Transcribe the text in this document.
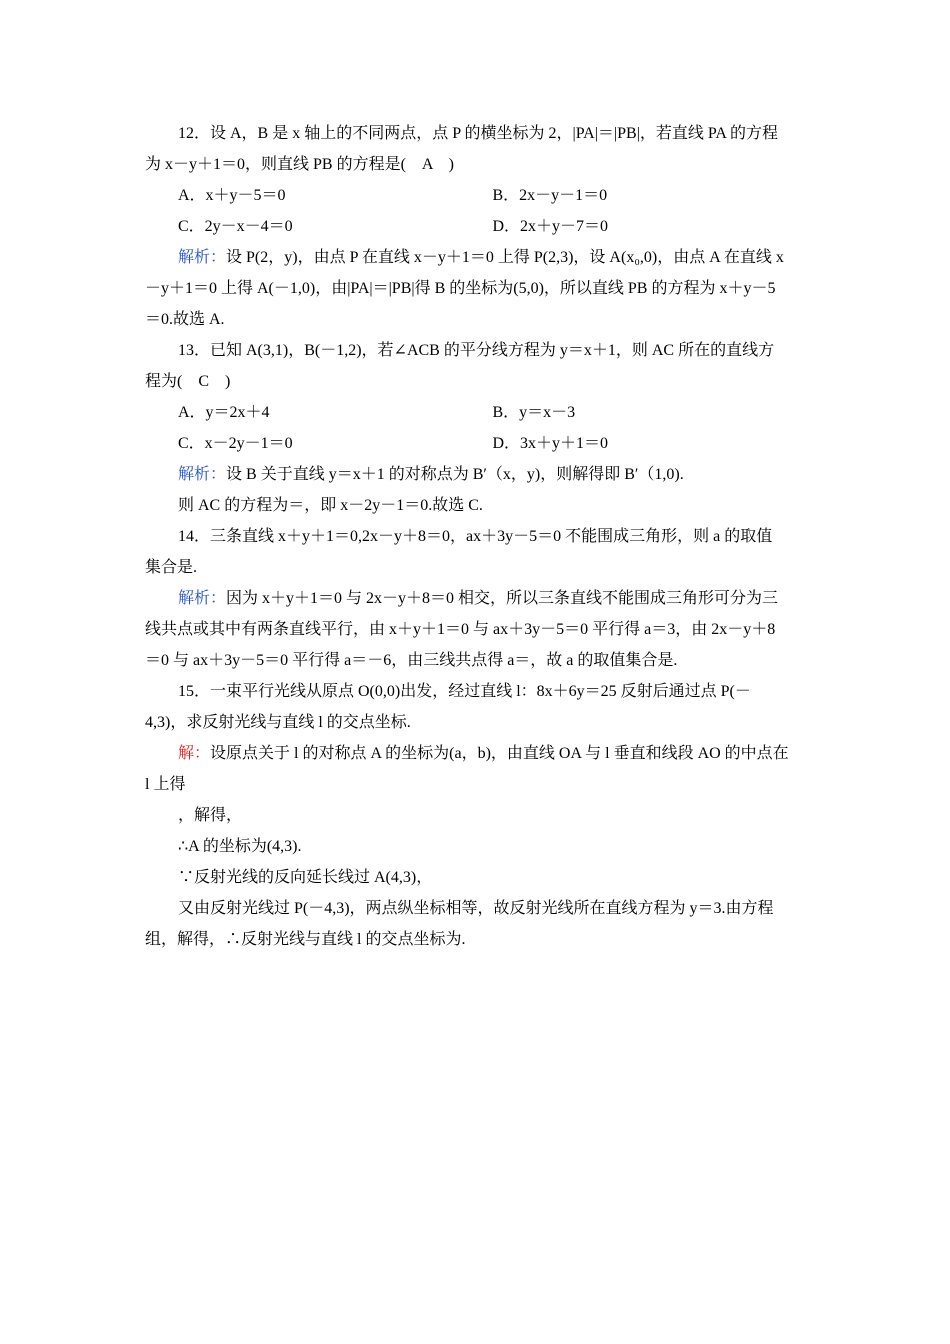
12．设 A，B 是 x 轴上的不同两点，点 P 的横坐标为 2，|PA|＝|PB|，若直线 PA 的方程
为 x－y＋1＝0，则直线 PB 的方程是(　A　)
A．x＋y－5＝0	B．2x－y－1＝0
C．2y－x－4＝0	D．2x＋y－7＝0
解析：设 P(2，y)，由点 P 在直线 x－y＋1＝0 上得 P(2,3)，设 A(x₀,0)，由点 A 在直线 x
－y＋1＝0 上得 A(－1,0)，由|PA|＝|PB|得 B 的坐标为(5,0)，所以直线 PB 的方程为 x＋y－5
＝0.故选 A.
13．已知 A(3,1)，B(－1,2)，若∠ACB 的平分线方程为 y＝x＋1，则 AC 所在的直线方
程为(　C　)
A．y＝2x＋4	B．y＝x－3
C．x－2y－1＝0	D．3x＋y＋1＝0
解析：设 B 关于直线 y＝x＋1 的对称点为 B′（x，y)，则解得即 B′（1,0).
则 AC 的方程为＝，即 x－2y－1＝0.故选 C.
14．三条直线 x＋y＋1＝0,2x－y＋8＝0，ax＋3y－5＝0 不能围成三角形，则 a 的取值
集合是.
解析：因为 x＋y＋1＝0 与 2x－y＋8＝0 相交，所以三条直线不能围成三角形可分为三
线共点或其中有两条直线平行，由 x＋y＋1＝0 与 ax＋3y－5＝0 平行得 a＝3，由 2x－y＋8
＝0 与 ax＋3y－5＝0 平行得 a＝－6，由三线共点得 a＝，故 a 的取值集合是.
15．一束平行光线从原点 O(0,0)出发，经过直线 l：8x＋6y＝25 反射后通过点 P(－
4,3)，求反射光线与直线 l 的交点坐标.
解：设原点关于 l 的对称点 A 的坐标为(a，b)，由直线 OA 与 l 垂直和线段 AO 的中点在
l 上得
，解得，
∴A 的坐标为(4,3).
∵反射光线的反向延长线过 A(4,3)，
又由反射光线过 P(－4,3)，两点纵坐标相等，故反射光线所在直线方程为 y＝3.由方程
组，解得，∴反射光线与直线 l 的交点坐标为.
